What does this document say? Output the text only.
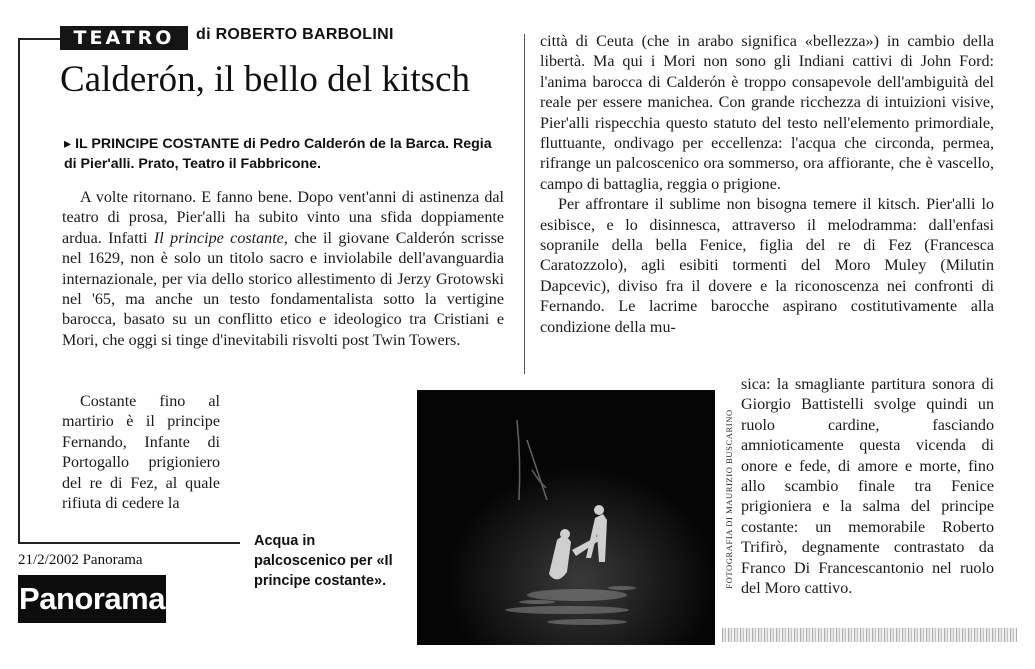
TEATRO	di ROBERTO BARBOLINI
Calderón, il bello del kitsch
▸ IL PRINCIPE COSTANTE di Pedro Calderón de la Barca. Regia di Pier'alli. Prato, Teatro il Fabbricone.

A volte ritornano. E fanno bene. Dopo vent'anni di astinenza dal teatro di prosa, Pier'alli ha subito vinto una sfida doppiamente ardua. Infatti Il principe costante, che il giovane Calderón scrisse nel 1629, non è solo un titolo sacro e inviolabile dell'avanguardia internazionale, per via dello storico allestimento di Jerzy Grotowski nel '65, ma anche un testo fondamentalista sotto la vertigine barocca, basato su un conflitto etico e ideologico tra Cristiani e Mori, che oggi si tinge d'inevitabili risvolti post Twin Towers.

Costante fino al martirio è il principe Fernando, Infante di Portogallo prigioniero del re di Fez, al quale rifiuta di cedere la

città di Ceuta (che in arabo significa «bellezza») in cambio della libertà. Ma qui i Mori non sono gli Indiani cattivi di John Ford: l'anima barocca di Calderón è troppo consapevole dell'ambiguità del reale per essere manichea. Con grande ricchezza di intuizioni visive, Pier'alli rispecchia questo statuto del testo nell'elemento primordiale, fluttuante, ondivago per eccellenza: l'acqua che circonda, permea, rifrange un palcoscenico ora sommerso, ora affiorante, che è vascello, campo di battaglia, reggia o prigione.

Per affrontare il sublime non bisogna temere il kitsch. Pier'alli lo esibisce, e lo disinnesca, attraverso il melodramma: dall'enfasi sopranile della bella Fenice, figlia del re di Fez (Francesca Caratozzolo), agli esibiti tormenti del Moro Muley (Milutin Dapcevic), diviso fra il dovere e la riconoscenza nei confronti di Fernando. Le lacrime barocche aspirano costitutivamente alla condizione della mu-

sica: la smagliante partitura sonora di Giorgio Battistelli svolge quindi un ruolo cardine, fasciando amnioticamente questa vicenda di onore e fede, di amore e morte, fino allo scambio finale tra Fenice prigioniera e la salma del principe costante: un memorabile Roberto Trifirò, degnamente contrastato da Franco Di Francescantonio nel ruolo del Moro cattivo.

FOTOGRAFIA DI MAURIZIO BUSCARINO
Acqua in palcoscenico per «Il principe costante».
21/2/2002 Panorama
Panorama
